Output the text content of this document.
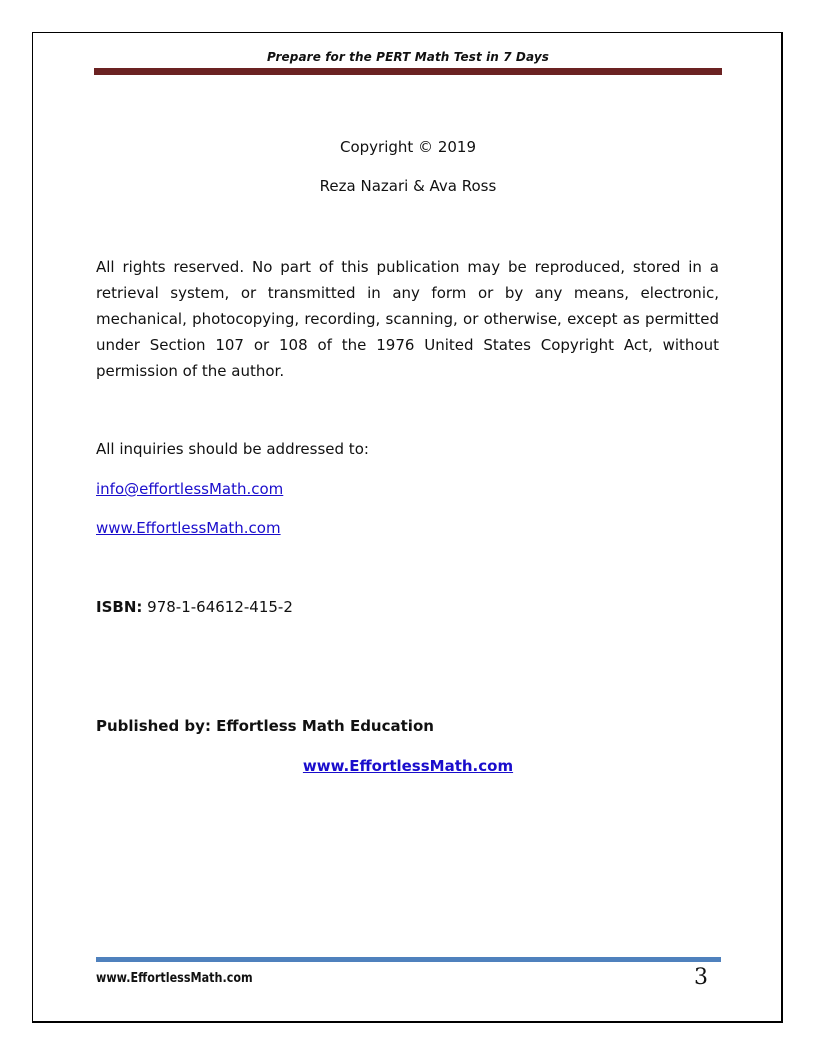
Prepare for the PERT Math Test in 7 Days
Copyright © 2019
Reza Nazari & Ava Ross
All rights reserved. No part of this publication may be reproduced, stored in a retrieval system, or transmitted in any form or by any means, electronic, mechanical, photocopying, recording, scanning, or otherwise, except as permitted under Section 107 or 108 of the 1976 United States Copyright Act, without permission of the author.
All inquiries should be addressed to:
info@effortlessMath.com
www.EffortlessMath.com
ISBN: 978-1-64612-415-2
Published by: Effortless Math Education
www.EffortlessMath.com
www.EffortlessMath.com	3
